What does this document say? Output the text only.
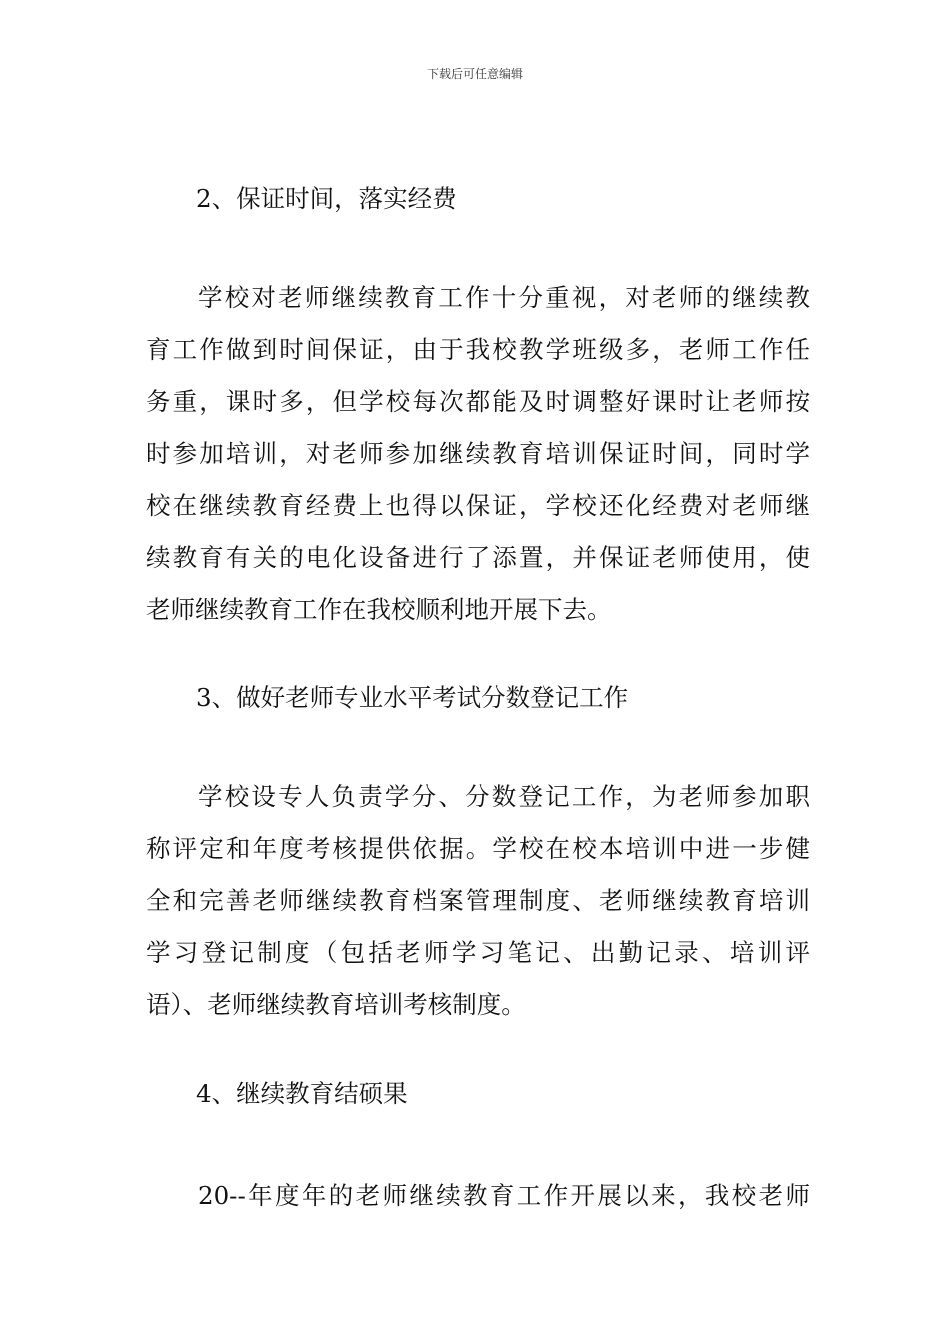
下载后可任意编辑
2、保证时间，落实经费
学校对老师继续教育工作十分重视，对老师的继续教
育工作做到时间保证，由于我校教学班级多，老师工作任
务重，课时多，但学校每次都能及时调整好课时让老师按
时参加培训，对老师参加继续教育培训保证时间，同时学
校在继续教育经费上也得以保证，学校还化经费对老师继
续教育有关的电化设备进行了添置，并保证老师使用，使
老师继续教育工作在我校顺利地开展下去。
3、做好老师专业水平考试分数登记工作
学校设专人负责学分、分数登记工作，为老师参加职
称评定和年度考核提供依据。学校在校本培训中进一步健
全和完善老师继续教育档案管理制度、老师继续教育培训
学习登记制度（包括老师学习笔记、出勤记录、培训评
语）、老师继续教育培训考核制度。
4、继续教育结硕果
20--年度年的老师继续教育工作开展以来，我校老师
